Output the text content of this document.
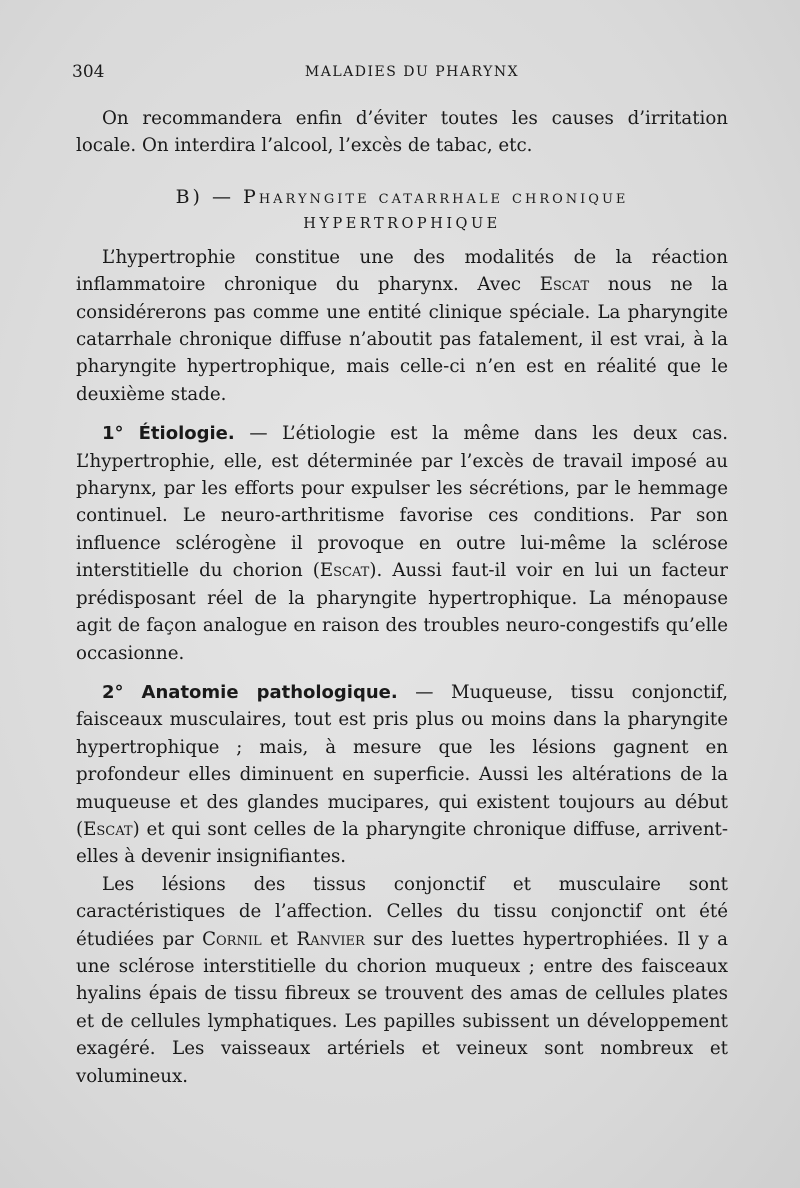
304	MALADIES DU PHARYNX

On recommandera enfin d’éviter toutes les causes d’irritation locale. On interdira l’alcool, l’excès de tabac, etc.

B) — Pharyngite catarrhale chronique
HYPERTROPHIQUE

L’hypertrophie constitue une des modalités de la réaction inflammatoire chronique du pharynx. Avec Escat nous ne la considérerons pas comme une entité clinique spéciale. La pharyngite catarrhale chronique diffuse n’aboutit pas fatalement, il est vrai, à la pharyngite hypertrophique, mais celle-ci n’en est en réalité que le deuxième stade.

1° Étiologie. — L’étiologie est la même dans les deux cas. L’hypertrophie, elle, est déterminée par l’excès de travail imposé au pharynx, par les efforts pour expulser les sécrétions, par le hemmage continuel. Le neuro-arthritisme favorise ces conditions. Par son influence sclérogène il provoque en outre lui-même la sclérose interstitielle du chorion (Escat). Aussi faut-il voir en lui un facteur prédisposant réel de la pharyngite hypertrophique. La ménopause agit de façon analogue en raison des troubles neuro-congestifs qu’elle occasionne.

2° Anatomie pathologique. — Muqueuse, tissu conjonctif, faisceaux musculaires, tout est pris plus ou moins dans la pharyngite hypertrophique ; mais, à mesure que les lésions gagnent en profondeur elles diminuent en superficie. Aussi les altérations de la muqueuse et des glandes mucipares, qui existent toujours au début (Escat) et qui sont celles de la pharyngite chronique diffuse, arrivent-elles à devenir insignifiantes.

Les lésions des tissus conjonctif et musculaire sont caractéristiques de l’affection. Celles du tissu conjonctif ont été étudiées par Cornil et Ranvier sur des luettes hypertrophiées. Il y a une sclérose interstitielle du chorion muqueux ; entre des faisceaux hyalins épais de tissu fibreux se trouvent des amas de cellules plates et de cellules lymphatiques. Les papilles subissent un développement exagéré. Les vaisseaux artériels et veineux sont nombreux et volumineux.
